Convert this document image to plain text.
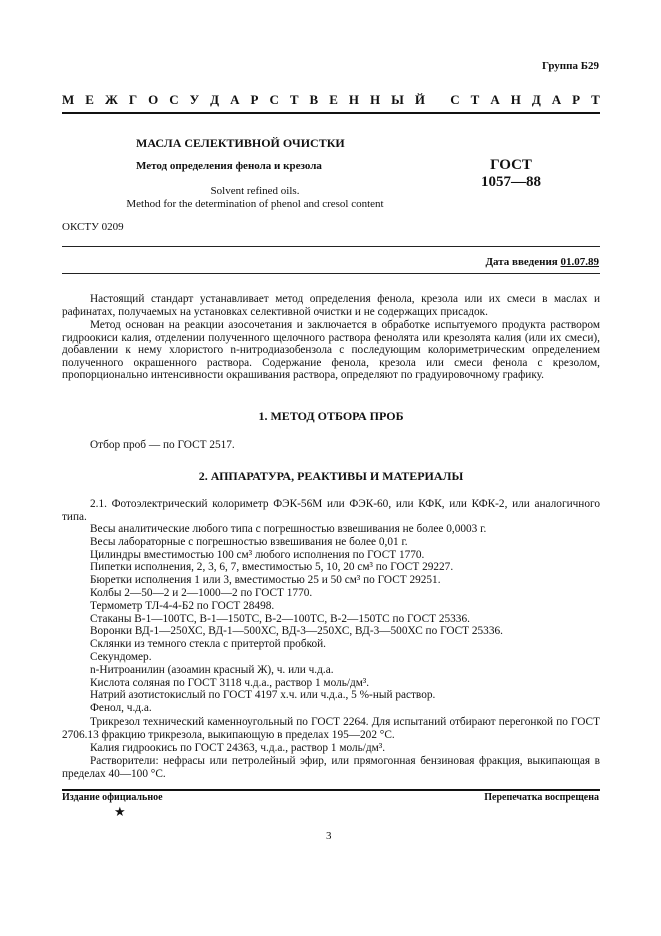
Группа Б29
М Е Ж Г О С У Д А Р С Т В Е Н Н Ы Й
С Т А Н Д А Р Т
МАСЛА СЕЛЕКТИВНОЙ ОЧИСТКИ
Метод определения фенола и крезола	ГОСТ
1057—88
Solvent refined oils.
Method for the determination of phenol and cresol content
ОКСТУ 0209
Дата введения 01.07.89
Настоящий стандарт устанавливает метод определения фенола, крезола или их смеси в маслах и рафинатах, получаемых на установках селективной очистки и не содержащих присадок.
Метод основан на реакции азосочетания и заключается в обработке испытуемого продукта раствором гидроокиси калия, отделении полученного щелочного раствора фенолята или крезолята калия (или их смеси), добавлении к нему хлористого n-нитродиазобензола с последующим колориметрическим определением полученного окрашенного раствора. Содержание фенола, крезола или смеси фенола с крезолом, пропорционально интенсивности окрашивания раствора, определяют по градуировочному графику.
1. МЕТОД ОТБОРА ПРОБ
Отбор проб — по ГОСТ 2517.
2. АППАРАТУРА, РЕАКТИВЫ И МАТЕРИАЛЫ
2.1. Фотоэлектрический колориметр ФЭК-56М или ФЭК-60, или КФК, или КФК-2, или аналогичного типа.
Весы аналитические любого типа с погрешностью взвешивания не более 0,0003 г.
Весы лабораторные с погрешностью взвешивания не более 0,01 г.
Цилиндры вместимостью 100 см³ любого исполнения по ГОСТ 1770.
Пипетки исполнения, 2, 3, 6, 7, вместимостью 5, 10, 20 см³ по ГОСТ 29227.
Бюретки исполнения 1 или 3, вместимостью 25 и 50 см³ по ГОСТ 29251.
Колбы 2—50—2 и 2—1000—2 по ГОСТ 1770.
Термометр ТЛ-4-4-Б2 по ГОСТ 28498.
Стаканы В-1—100ТС, В-1—150ТС, В-2—100ТС, В-2—150ТС по ГОСТ 25336.
Воронки ВД-1—250ХС, ВД-1—500ХС, ВД-3—250ХС, ВД-3—500ХС по ГОСТ 25336.
Склянки из темного стекла с притертой пробкой.
Секундомер.
n-Нитроанилин (азоамин красный Ж), ч. или ч.д.а.
Кислота соляная по ГОСТ 3118 ч.д.а., раствор 1 моль/дм³.
Натрий азотистокислый по ГОСТ 4197 х.ч. или ч.д.а., 5 %-ный раствор.
Фенол, ч.д.а.
Трикрезол технический каменноугольный по ГОСТ 2264. Для испытаний отбирают перегонкой по ГОСТ 2706.13 фракцию трикрезола, выкипающую в пределах 195—202 °С.
Калия гидроокись по ГОСТ 24363, ч.д.а., раствор 1 моль/дм³.
Растворители: нефрасы или петролейный эфир, или прямогонная бензиновая фракция, выкипающая в пределах 40—100 °С.
Издание официальное	Перепечатка воспрещена
★
3
